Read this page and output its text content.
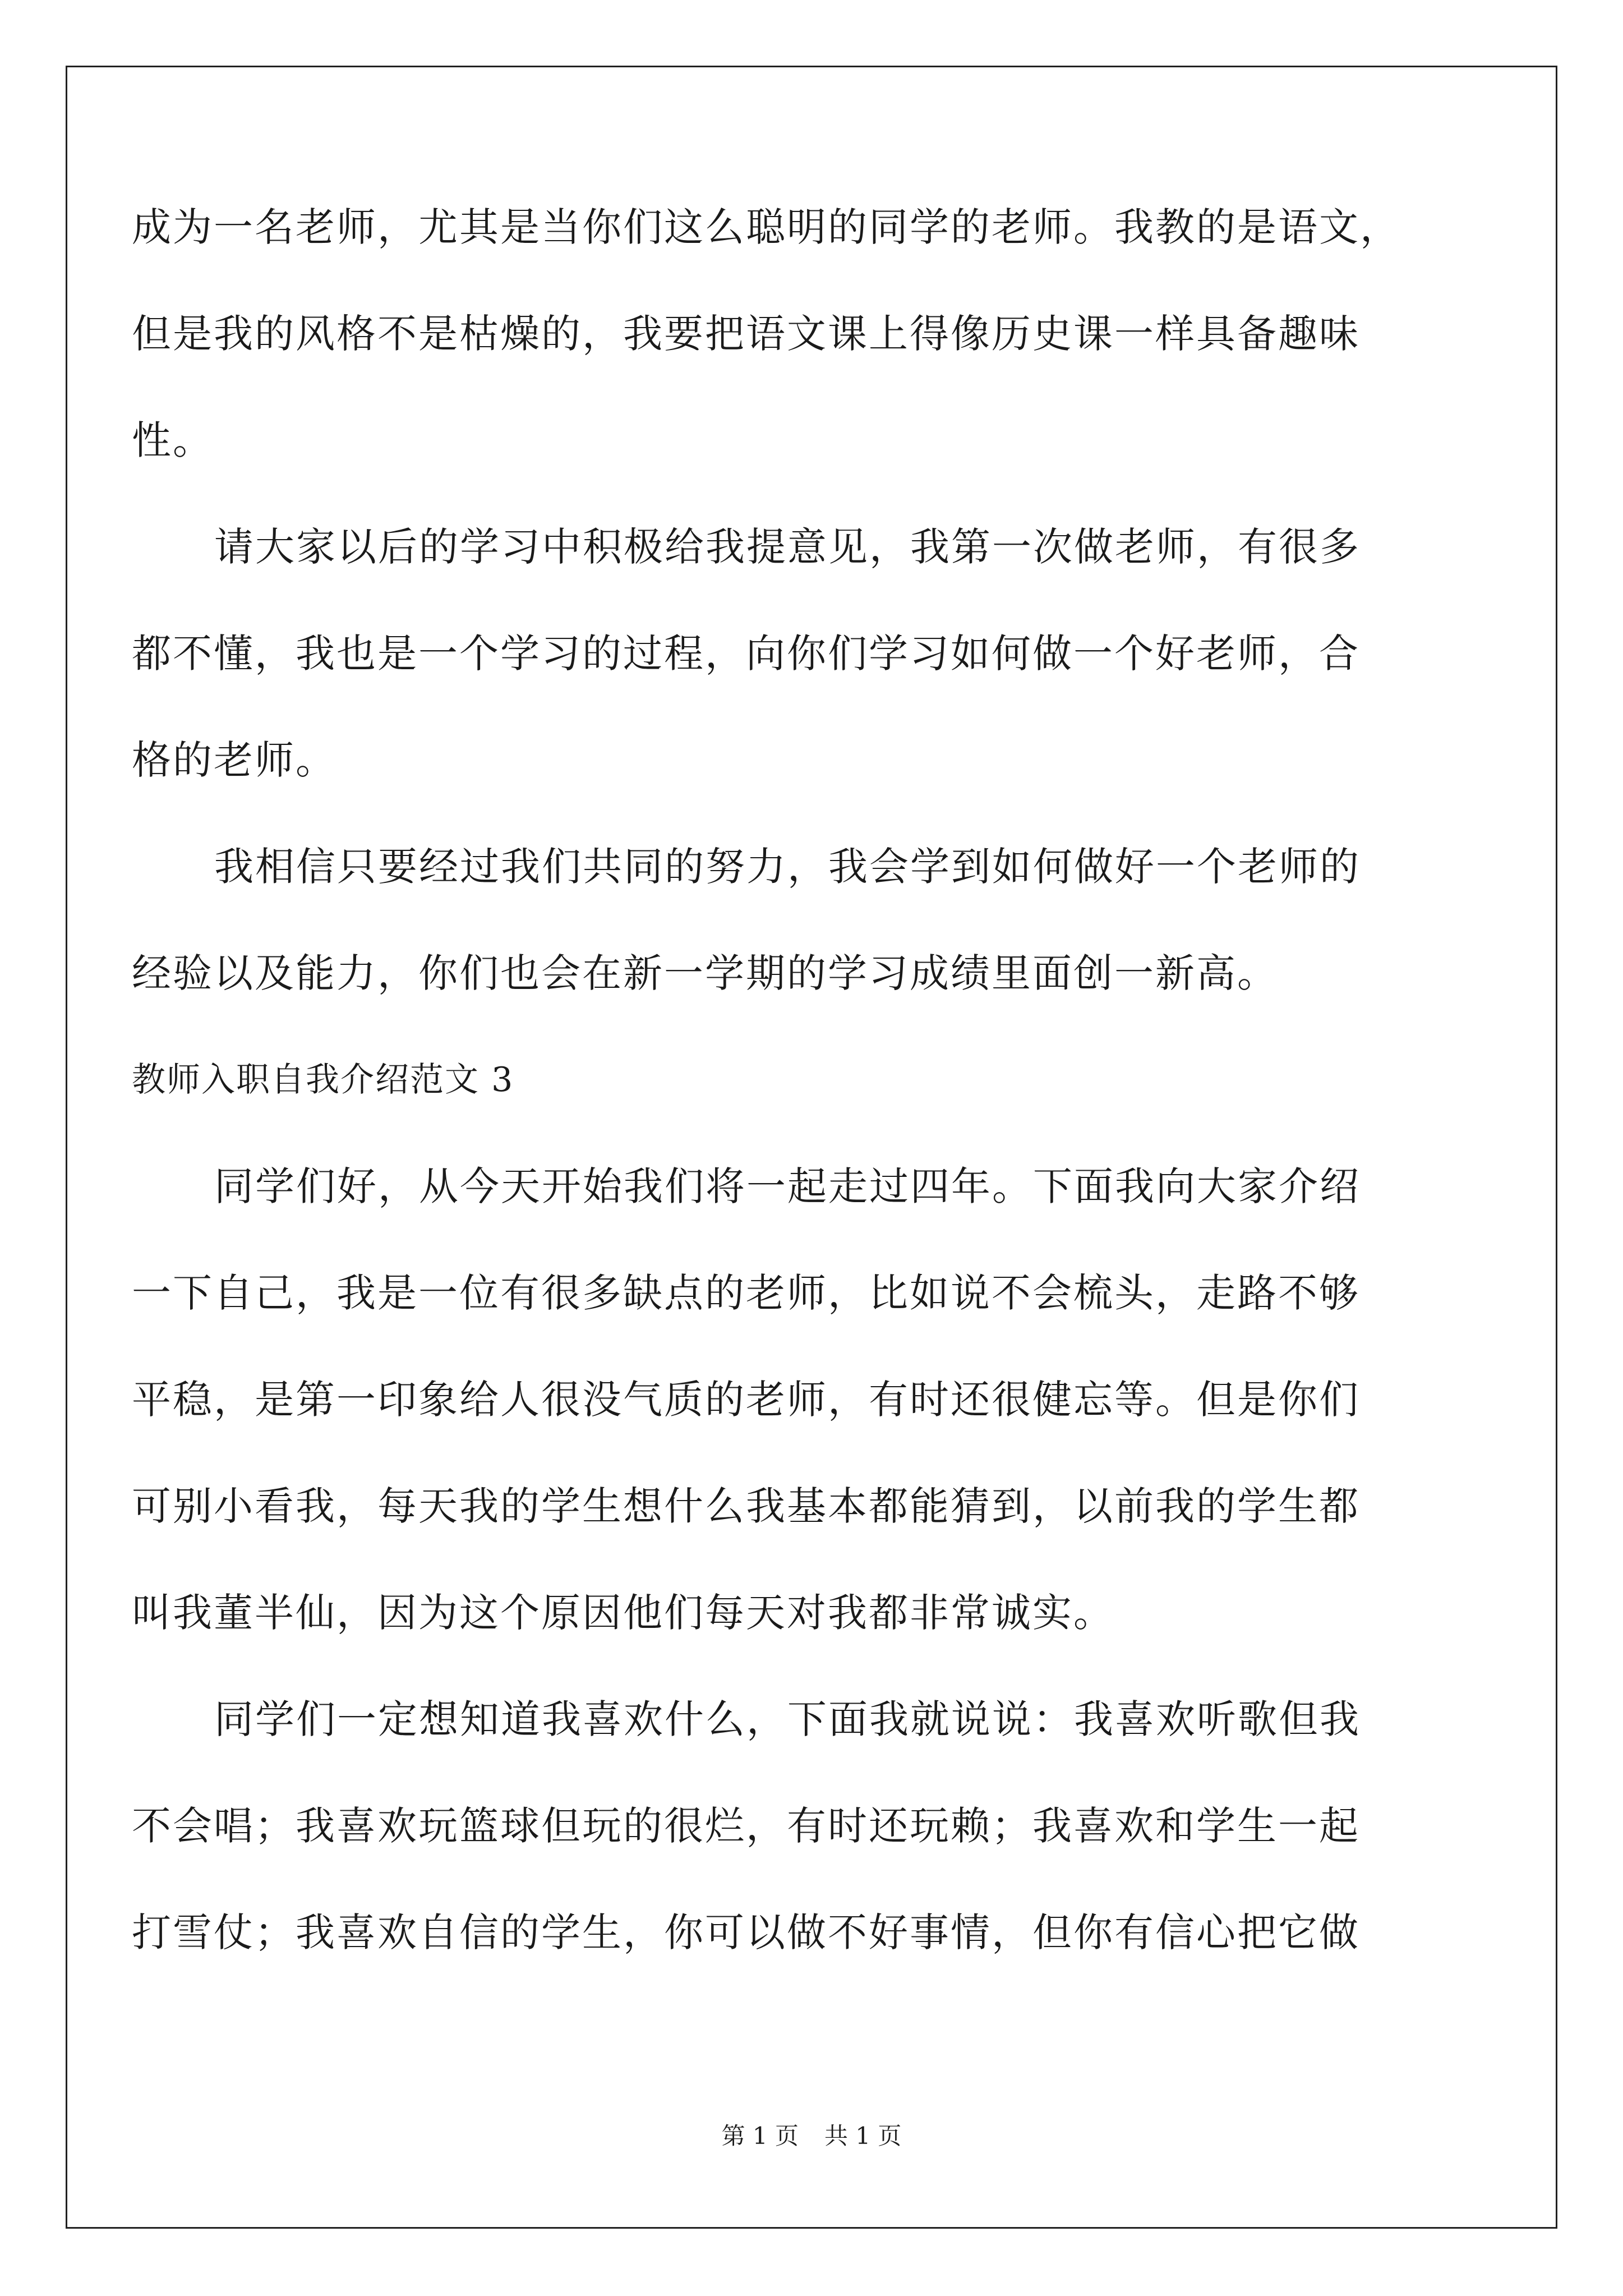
成为一名老师，尤其是当你们这么聪明的同学的老师。我教的是语文，
但是我的风格不是枯燥的，我要把语文课上得像历史课一样具备趣味
性。
请大家以后的学习中积极给我提意见，我第一次做老师，有很多
都不懂，我也是一个学习的过程，向你们学习如何做一个好老师，合
格的老师。
我相信只要经过我们共同的努力，我会学到如何做好一个老师的
经验以及能力，你们也会在新一学期的学习成绩里面创一新高。
教师入职自我介绍范文 3
同学们好，从今天开始我们将一起走过四年。下面我向大家介绍
一下自己，我是一位有很多缺点的老师，比如说不会梳头，走路不够
平稳，是第一印象给人很没气质的老师，有时还很健忘等。但是你们
可别小看我，每天我的学生想什么我基本都能猜到，以前我的学生都
叫我董半仙，因为这个原因他们每天对我都非常诚实。
同学们一定想知道我喜欢什么，下面我就说说：我喜欢听歌但我
不会唱；我喜欢玩篮球但玩的很烂，有时还玩赖；我喜欢和学生一起
打雪仗；我喜欢自信的学生，你可以做不好事情，但你有信心把它做
第 1 页 共 1 页
